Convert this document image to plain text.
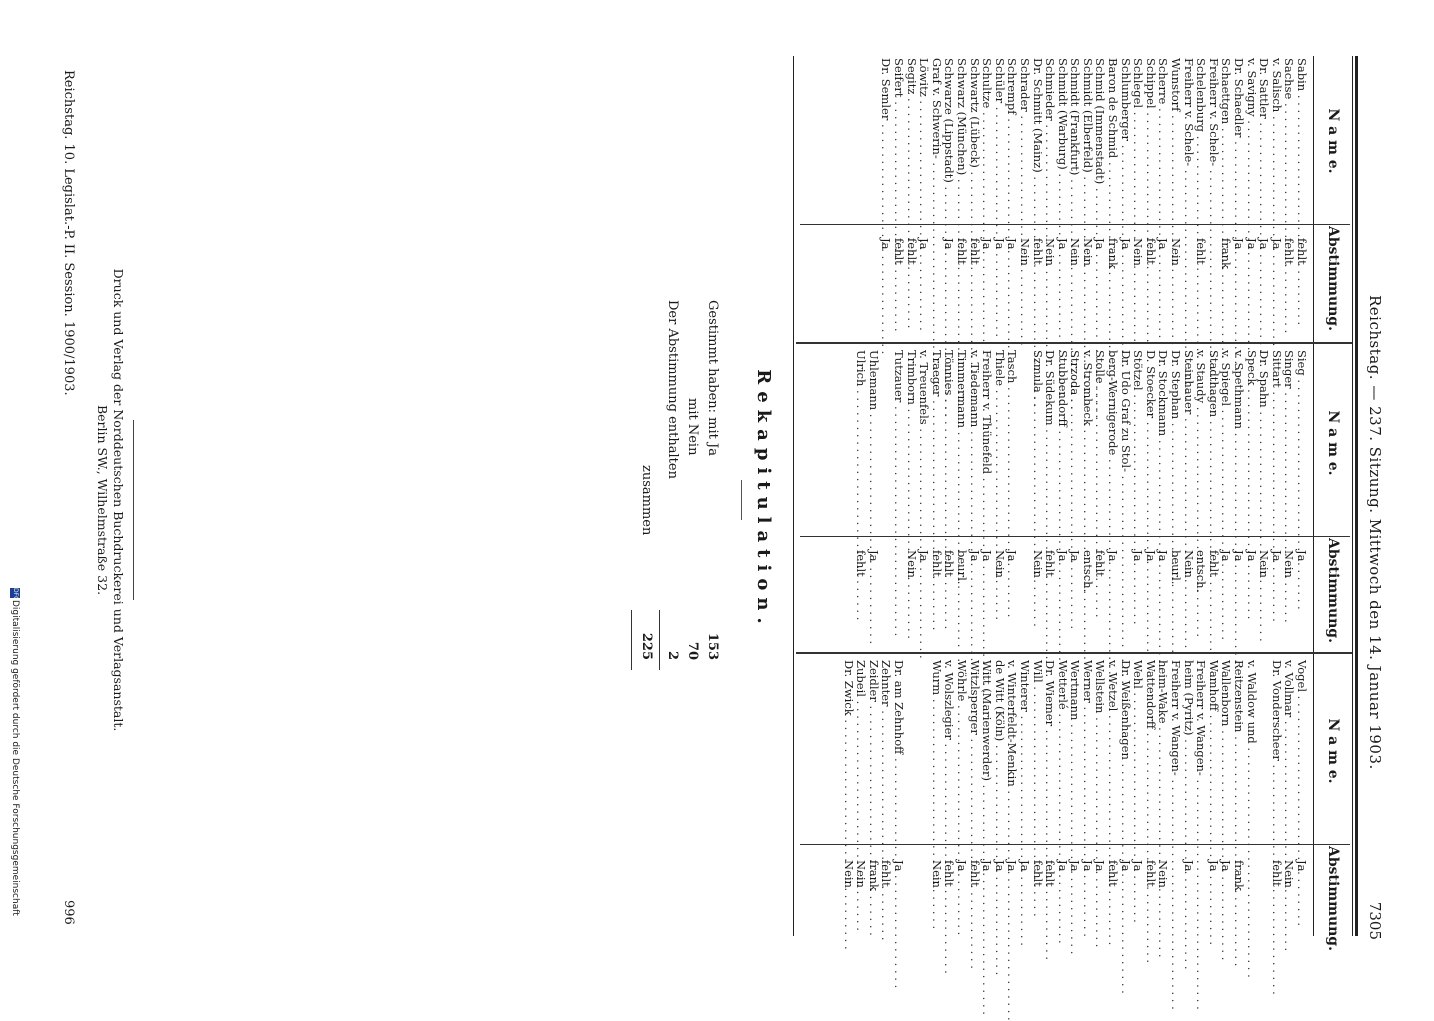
Reichstag. — 237. Sitzung. Mittwoch den 14. Januar 1903.
7305
N a m e.
Abstimmung.
N a m e.
Abstimmung.
N a m e.
Abstimmung.
Sabin . . .
fehlt
Sachse . . .
fehlt
v. Salisch . . .
Ja
Dr. Sattler . . .
Ja
v. Savigny . . .
Ja
Dr. Schaedler . . .
Ja
Schaettgen . . .
frank
Freiherr v. Schele- . . .
Schelenburg . . .
fehlt
Freiherr v. Schele- . . .
Wunstorf . . .
Nein
Scherre . . .
Ja
Schippel . . .
fehlt
Schlegel . . .
Nein
Schlumberger . . .
Ja
Baron de Schmid . . .
frank
Schmid (Immenstadt) . . .
Ja
Schmidt (Elberfeld) . . .
Nein
Schmidt (Frankfurt) . . .
Nein
Schmidt (Warburg) . . .
Ja
Schmieder . . .
Nein
Dr. Schmitt (Mainz) . . .
fehlt
Schrader . . .
Nein
Schrempf . . .
Ja
Schüler . . .
Ja
Schultze . . .
Ja
Schwartz (Lübeck) . . .
fehlt
Schwarz (München) . . .
fehlt
Schwarze (Lippstadt) . . .
Ja
Graf v. Schwerin- . . .
Löwitz . . .
Ja
Segitz . . .
fehlt
Seifert . . .
fehlt
Dr. Semler . . .
Ja
Sieg . . .
Ja
Singer . . .
Nein
Sittart . . .
Ja
Dr. Spahn . . .
Nein
Speck . . .
Ja
v. Spethmann . . .
Ja
v. Spiegel . . .
Ja
Stadthagen . . .
fehlt
v. Staudy . . .
entsch.
Steinhauer . . .
Nein
Dr. Stephan . . .
beurl.
Dr. Stockmann . . .
Ja
D. Stoecker . . .
Ja
Stötzel . . .
Ja
Dr. Udo Graf zu Stol- . . .
berg-Wernigerode . . .
Ja
Stolle . . .
fehlt
v. Strombeck . . .
entsch.
Strzoda . . .
Ja
Stubbendorff . . .
Ja
Dr. Südekum . . .
fehlt
Szmula . . .
Nein
Tasch . . .
Ja
Thiele . . .
Nein
Freiherr v. Thünefeld . . .
Ja
v. Tiedemann . . .
Ja
Timmermann . . .
beurl.
Tönnies . . .
fehlt
Traeger . . .
fehlt
v. Treuenfels . . .
Ja
Trimborn . . .
Nein
Tutzauer . . .
Uhlemann . . .
Ja
Ulrich . . .
fehlt
Vogel . . .
Ja
v. Vollmar . . .
Nein
Dr. Vonderscheer . . .
fehlt
v. Waldow und . . .
Reitzenstein . . .
frank
Wallenborn . . .
Ja
Wamhoff . . .
Ja
Freiherr v. Wangen- . . .
heim (Pyritz) . . .
Ja
Freiherr v. Wangen- . . .
heim-Wake . . .
Nein
Wattendorff . . .
fehlt
Wehl . . .
Ja
Dr. Weißenhagen . . .
Ja
v. Wetzel . . .
fehlt
Wellstein . . .
Ja
Werner . . .
Ja
Wertmann . . .
Ja
Wetterlé . . .
Ja
Dr. Wiemer . . .
fehlt
Will . . .
fehlt
Winterer . . .
Ja
v. Winterfeldt-Menkin . . .
Ja
de Witt (Köln) . . .
Ja
Witt (Marienwerder) . . .
Ja
Witzlsperger . . .
fehlt
Wöhrle . . .
Ja
v. Wolszlegier . . .
fehlt
Wurm . . .
Nein
Dr. am Zehnhoff . . .
Ja
Zehnter . . .
fehlt
Zeidler . . .
frank
Zubeil . . .
Nein
Dr. Zwick . . .
Nein
Rekapitulation.
Gestimmt haben: mit Ja
153
mit Nein
70
Der Abstimmung enthalten
2
zusammen
225
Druck und Verlag der Norddeutschen Buchdruckerei und Verlagsanstalt.
Berlin SW., Wilhelmstraße 32.
Reichstag. 10. Legislat.-P. II. Session. 1900/1903.
996
DFG
Digitalisierung gefördert durch die Deutsche Forschungsgemeinschaft
